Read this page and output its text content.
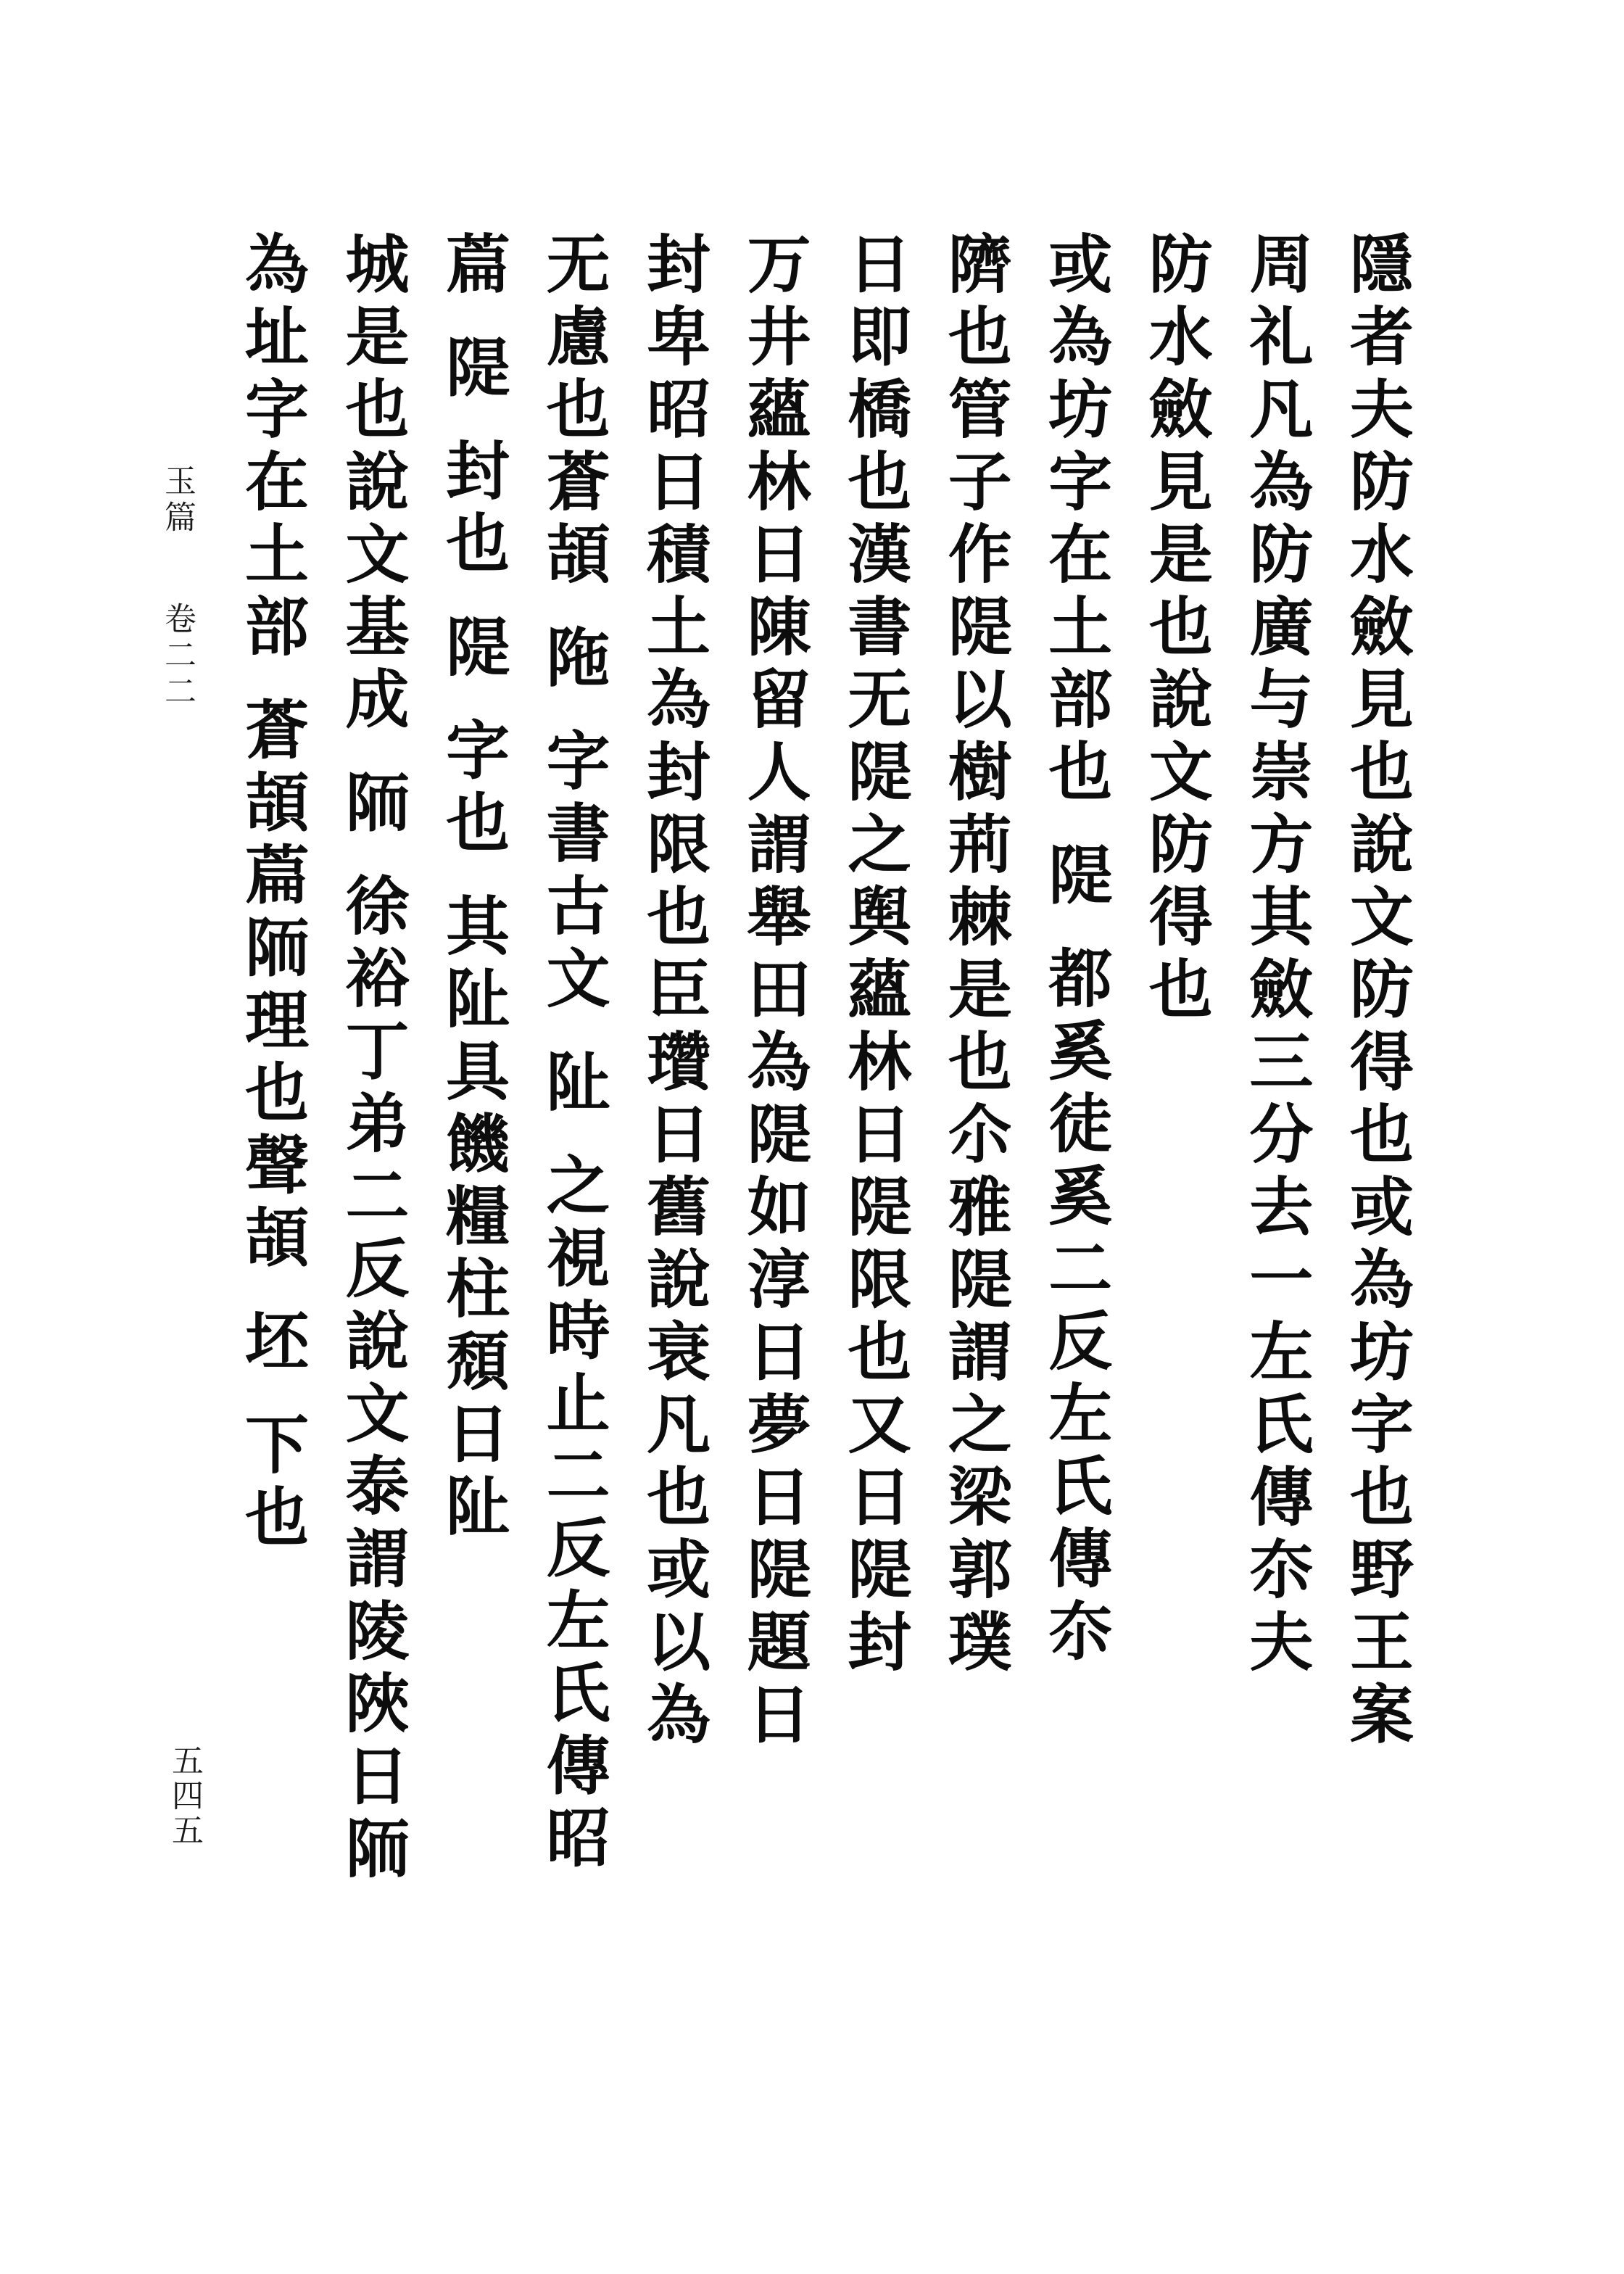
玉篇 卷二二
五四五
隱者夫防水斂見也說文防得也或為坊字也野王案
周礼凡為防廣与崇方其斂三分去一左氏傳夵夫
防水斂見是也說文防得也
或為坊字在土部也 隄 都奚徒奚二反左氏傳夵
隮也管子作隄以樹荊棘是也尒雅隄謂之梁郭璞
日即橋也漢書无隄之舆蘊林日隄限也又日隄封
万井蘊林日陳留人謂舉田為隄如淳日夢日隄題日
封卑昭日積土為封限也臣瓚日舊說衰凡也或以為
无慮也蒼頡 陁 字書古文 阯 之視時止二反左氏傳昭
萹 隄 封也 隄 字也 其阯具饑糧柱頹日阯
城是也說文基成 陑 徐裕丁弟二反說文泰謂陵陜日陑
為址字在土部 蒼頡萹陑理也聲頡 坯 下也
